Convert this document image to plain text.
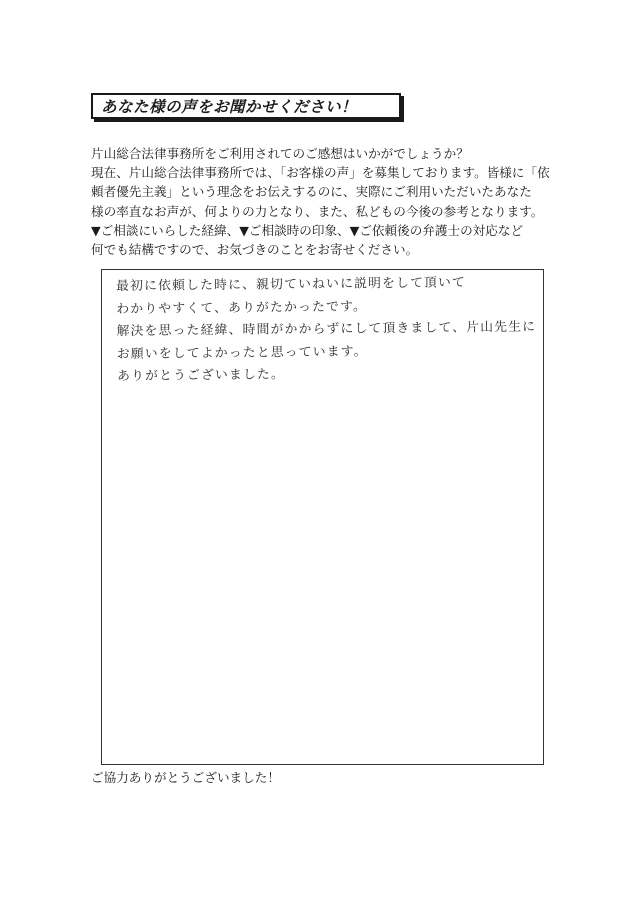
あなた様の声をお聞かせください！
片山総合法律事務所をご利用されてのご感想はいかがでしょうか？
現在、片山総合法律事務所では、「お客様の声」を募集しております。皆様に「依
頼者優先主義」という理念をお伝えするのに、実際にご利用いただいたあなた
様の率直なお声が、何よりの力となり、また、私どもの今後の参考となります。
▼ご相談にいらした経緯、▼ご相談時の印象、▼ご依頼後の弁護士の対応など
何でも結構ですので、お気づきのことをお寄せください。
最初に依頼した時に、親切ていねいに説明をして頂いて
わかりやすくて、ありがたかったです。
解決を思った経緯、時間がかからずにして頂きまして、片山先生に
お願いをしてよかったと思っています。
ありがとうございました。
ご協力ありがとうございました！
